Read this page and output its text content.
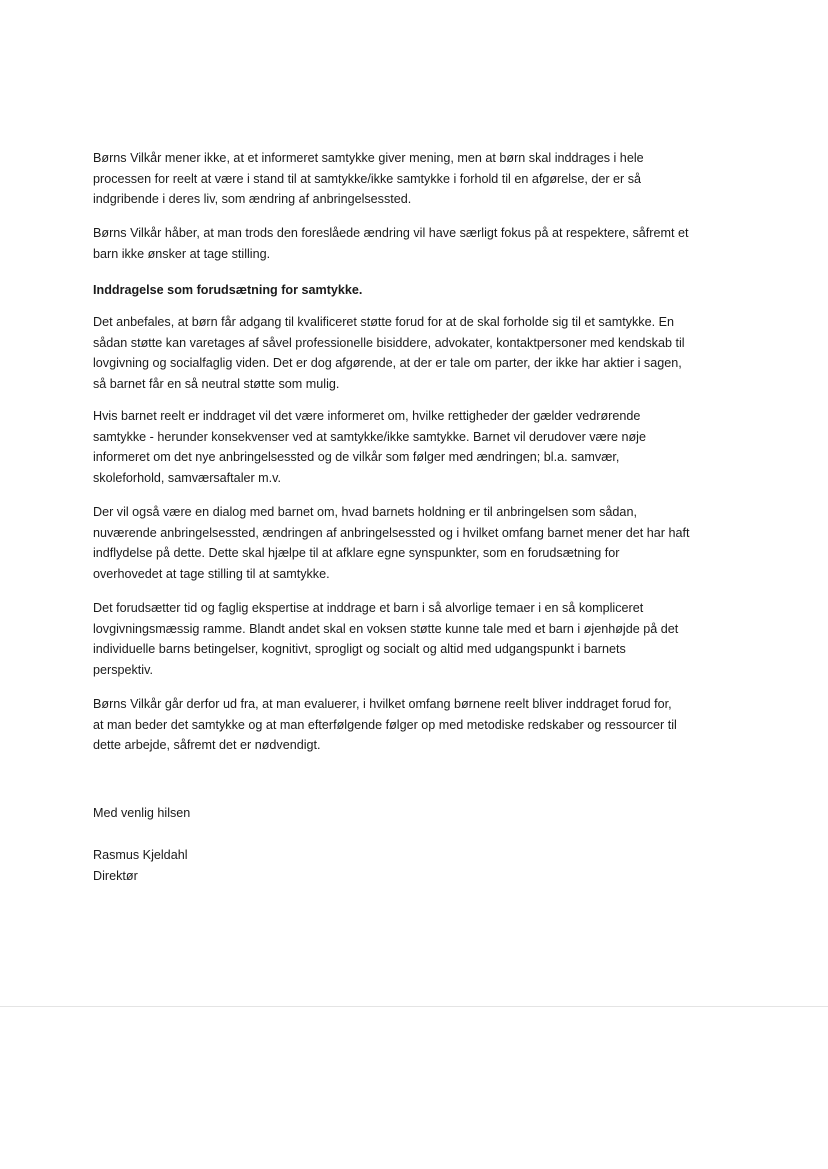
Børns Vilkår mener ikke, at et informeret samtykke giver mening, men at børn skal inddrages i hele
processen for reelt at være i stand til at samtykke/ikke samtykke i forhold til en afgørelse, der er så
indgribende i deres liv, som ændring af anbringelsessted.
Børns Vilkår håber, at man trods den foreslåede ændring vil have særligt fokus på at respektere, såfremt et
barn ikke ønsker at tage stilling.
Inddragelse som forudsætning for samtykke.
Det anbefales, at børn får adgang til kvalificeret støtte forud for at de skal forholde sig til et samtykke. En
sådan støtte kan varetages af såvel professionelle bisiddere, advokater, kontaktpersoner med kendskab til
lovgivning og socialfaglig viden. Det er dog afgørende, at der er tale om parter, der ikke har aktier i sagen,
så barnet får en så neutral støtte som mulig.
Hvis barnet reelt er inddraget vil det være informeret om, hvilke rettigheder der gælder vedrørende
samtykke - herunder konsekvenser ved at samtykke/ikke samtykke. Barnet vil derudover være nøje
informeret om det nye anbringelsessted og de vilkår som følger med ændringen; bl.a. samvær,
skoleforhold, samværsaftaler m.v.
Der vil også være en dialog med barnet om, hvad barnets holdning er til anbringelsen som sådan,
nuværende anbringelsessted, ændringen af anbringelsessted og i hvilket omfang barnet mener det har haft
indflydelse på dette. Dette skal hjælpe til at afklare egne synspunkter, som en forudsætning for
overhovedet at tage stilling til at samtykke.
Det forudsætter tid og faglig ekspertise at inddrage et barn i så alvorlige temaer i en så kompliceret
lovgivningsmæssig ramme. Blandt andet skal en voksen støtte kunne tale med et barn i øjenhøjde på det
individuelle barns betingelser, kognitivt, sprogligt og socialt og altid med udgangspunkt i barnets
perspektiv.
Børns Vilkår går derfor ud fra, at man evaluerer, i hvilket omfang børnene reelt bliver inddraget forud for,
at man beder det samtykke og at man efterfølgende følger op med metodiske redskaber og ressourcer til
dette arbejde, såfremt det er nødvendigt.
Med venlig hilsen
Rasmus Kjeldahl
Direktør
